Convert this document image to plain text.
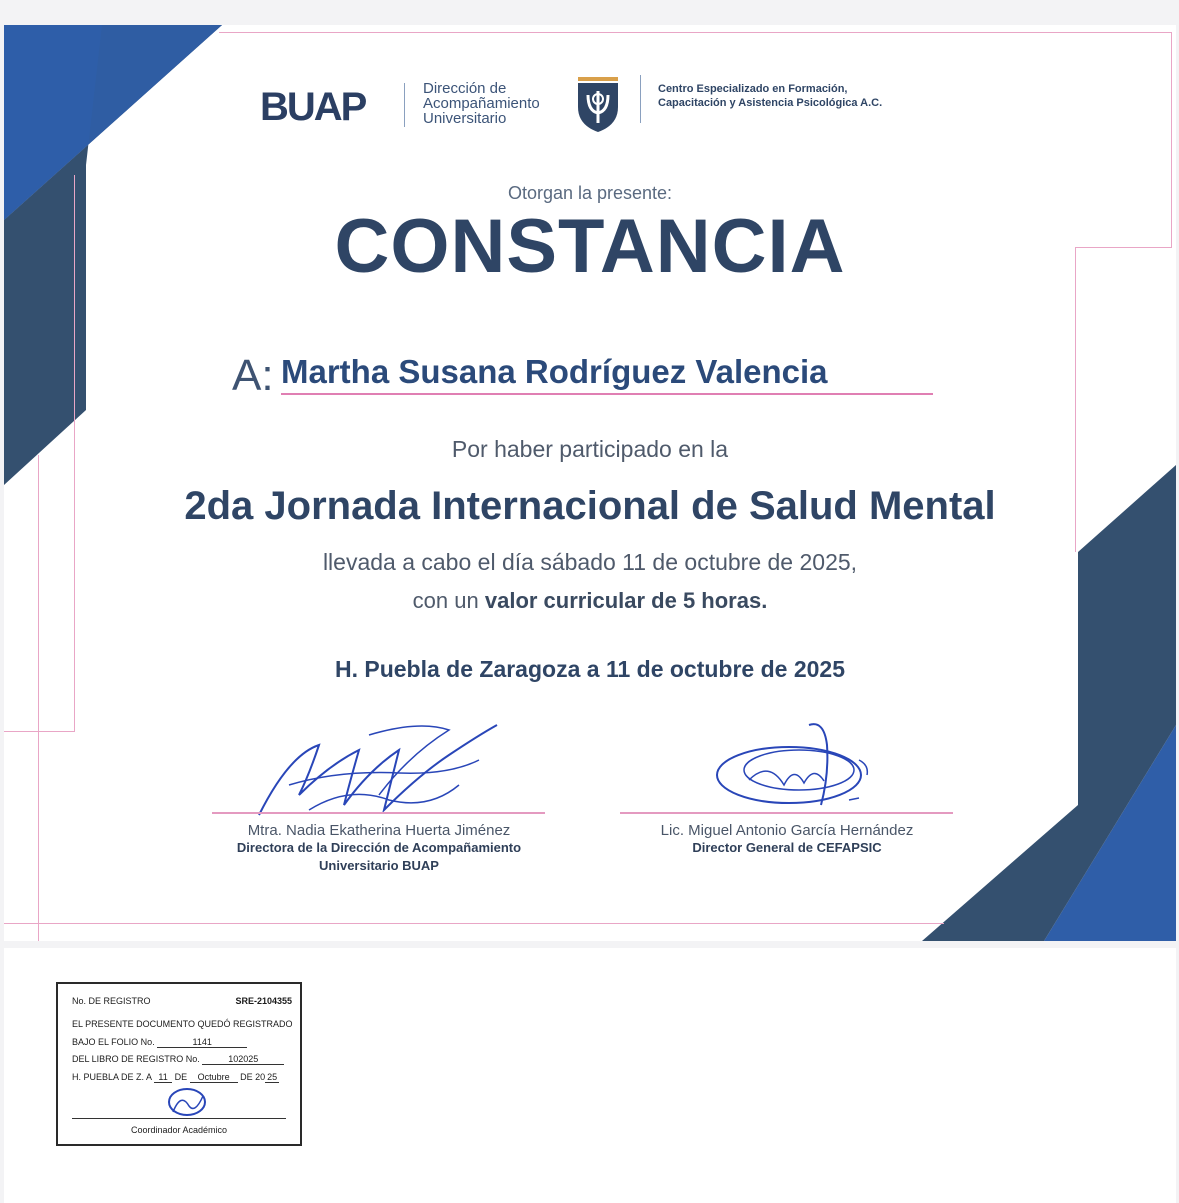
BUAP	Dirección de
Acompañamiento
Universitario
Centro Especializado en Formación,
Capacitación y Asistencia Psicológica A.C.
Otorgan la presente:
CONSTANCIA
A: Martha Susana Rodríguez Valencia
Por haber participado en la
2da Jornada Internacional de Salud Mental
llevada a cabo el día sábado 11 de octubre de 2025,
con un valor curricular de 5 horas.
H. Puebla de Zaragoza a 11 de octubre de 2025
Mtra. Nadia Ekatherina Huerta Jiménez
Directora de la Dirección de Acompañamiento
Universitario BUAP
Lic. Miguel Antonio García Hernández
Director General de CEFAPSIC
No. DE REGISTRO	SRE-2104355
EL PRESENTE DOCUMENTO QUEDÓ REGISTRADO
BAJO EL FOLIO No.	1141
DEL LIBRO DE REGISTRO No.	102025
H. PUEBLA DE Z. A 11 DE Octubre DE 20 25
Coordinador Académico
